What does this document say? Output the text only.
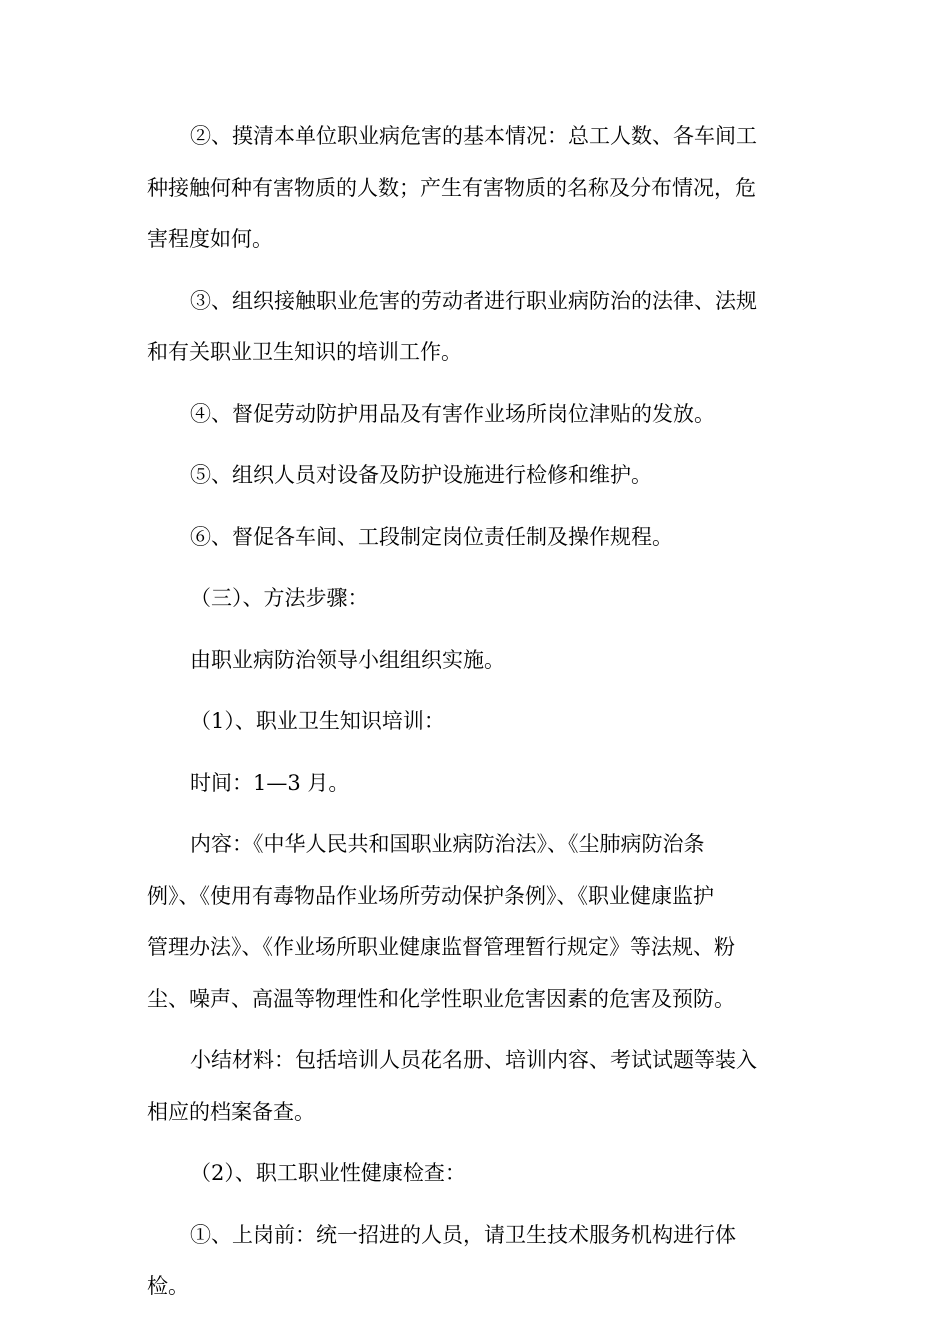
②、摸清本单位职业病危害的基本情况：总工人数、各车间工
种接触何种有害物质的人数；产生有害物质的名称及分布情况，危
害程度如何。

③、组织接触职业危害的劳动者进行职业病防治的法律、法规
和有关职业卫生知识的培训工作。

④、督促劳动防护用品及有害作业场所岗位津贴的发放。

⑤、组织人员对设备及防护设施进行检修和维护。

⑥、督促各车间、工段制定岗位责任制及操作规程。

（三）、方法步骤：

由职业病防治领导小组组织实施。

（1）、职业卫生知识培训：

时间：1—3 月。

内容：《中华人民共和国职业病防治法》、《尘肺病防治条
例》、《使用有毒物品作业场所劳动保护条例》、《职业健康监护
管理办法》、《作业场所职业健康监督管理暂行规定》等法规、粉
尘、噪声、高温等物理性和化学性职业危害因素的危害及预防。

小结材料：包括培训人员花名册、培训内容、考试试题等装入
相应的档案备查。

（2）、职工职业性健康检查：

①、上岗前：统一招进的人员，请卫生技术服务机构进行体
检。
